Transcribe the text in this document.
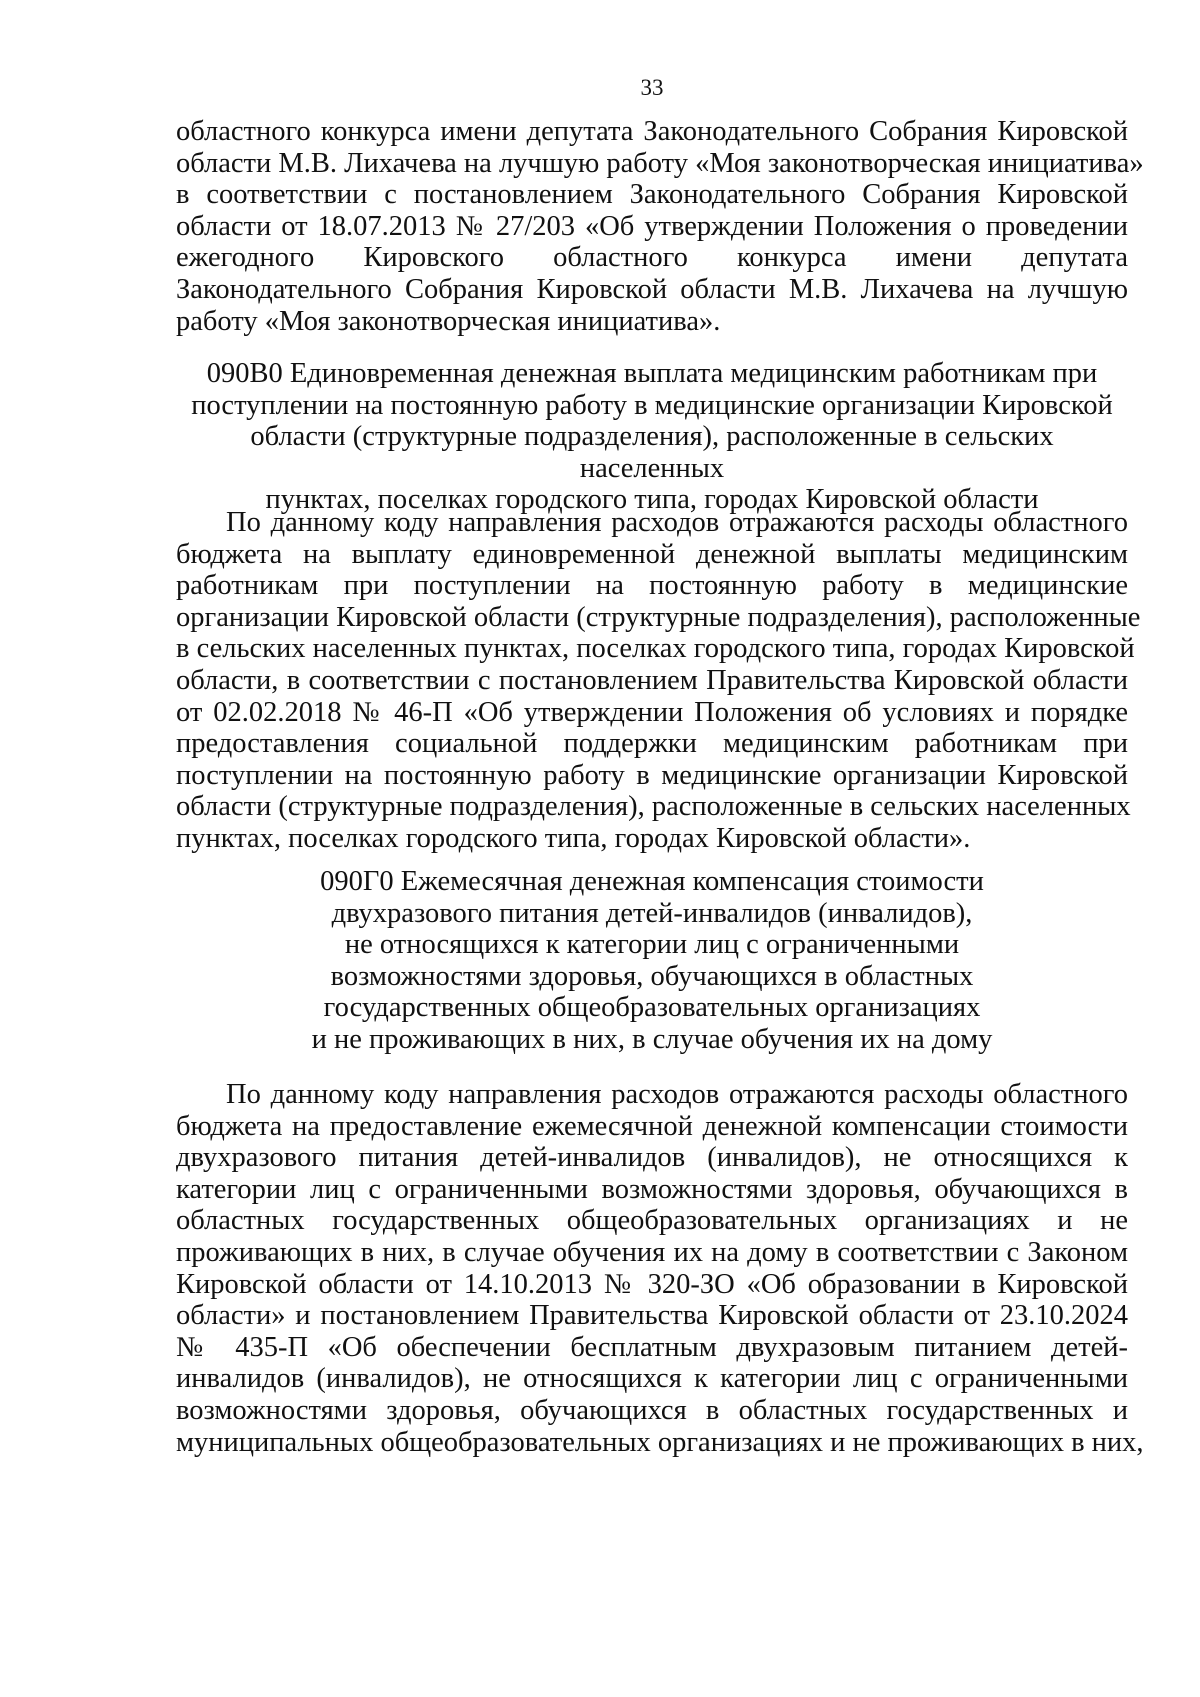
33
областного конкурса имени депутата Законодательного Собрания Кировской
области М.В. Лихачева на лучшую работу «Моя законотворческая инициатива»
в соответствии с постановлением Законодательного Собрания Кировской
области от 18.07.2013 № 27/203 «Об утверждении Положения о проведении
ежегодного Кировского областного конкурса имени депутата
Законодательного Собрания Кировской области М.В. Лихачева на лучшую
работу «Моя законотворческая инициатива».
090В0 Единовременная денежная выплата медицинским работникам при
поступлении на постоянную работу в медицинские организации Кировской
области (структурные подразделения), расположенные в сельских населенных
пунктах, поселках городского типа, городах Кировской области
По данному коду направления расходов отражаются расходы областного
бюджета на выплату единовременной денежной выплаты медицинским
работникам при поступлении на постоянную работу в медицинские
организации Кировской области (структурные подразделения), расположенные
в сельских населенных пунктах, поселках городского типа, городах Кировской
области, в соответствии с постановлением Правительства Кировской области
от 02.02.2018 № 46-П «Об утверждении Положения об условиях и порядке
предоставления социальной поддержки медицинским работникам при
поступлении на постоянную работу в медицинские организации Кировской
области (структурные подразделения), расположенные в сельских населенных
пунктах, поселках городского типа, городах Кировской области».
090Г0 Ежемесячная денежная компенсация стоимости
двухразового питания детей-инвалидов (инвалидов),
не относящихся к категории лиц с ограниченными
возможностями здоровья, обучающихся в областных
государственных общеобразовательных организациях
и не проживающих в них, в случае обучения их на дому
По данному коду направления расходов отражаются расходы областного
бюджета на предоставление ежемесячной денежной компенсации стоимости
двухразового питания детей-инвалидов (инвалидов), не относящихся к
категории лиц с ограниченными возможностями здоровья, обучающихся в
областных государственных общеобразовательных организациях и не
проживающих в них, в случае обучения их на дому в соответствии с Законом
Кировской области от 14.10.2013 № 320-ЗО «Об образовании в Кировской
области» и постановлением Правительства Кировской области от 23.10.2024
№ 435-П «Об обеспечении бесплатным двухразовым питанием детей-
инвалидов (инвалидов), не относящихся к категории лиц с ограниченными
возможностями здоровья, обучающихся в областных государственных и
муниципальных общеобразовательных организациях и не проживающих в них,
